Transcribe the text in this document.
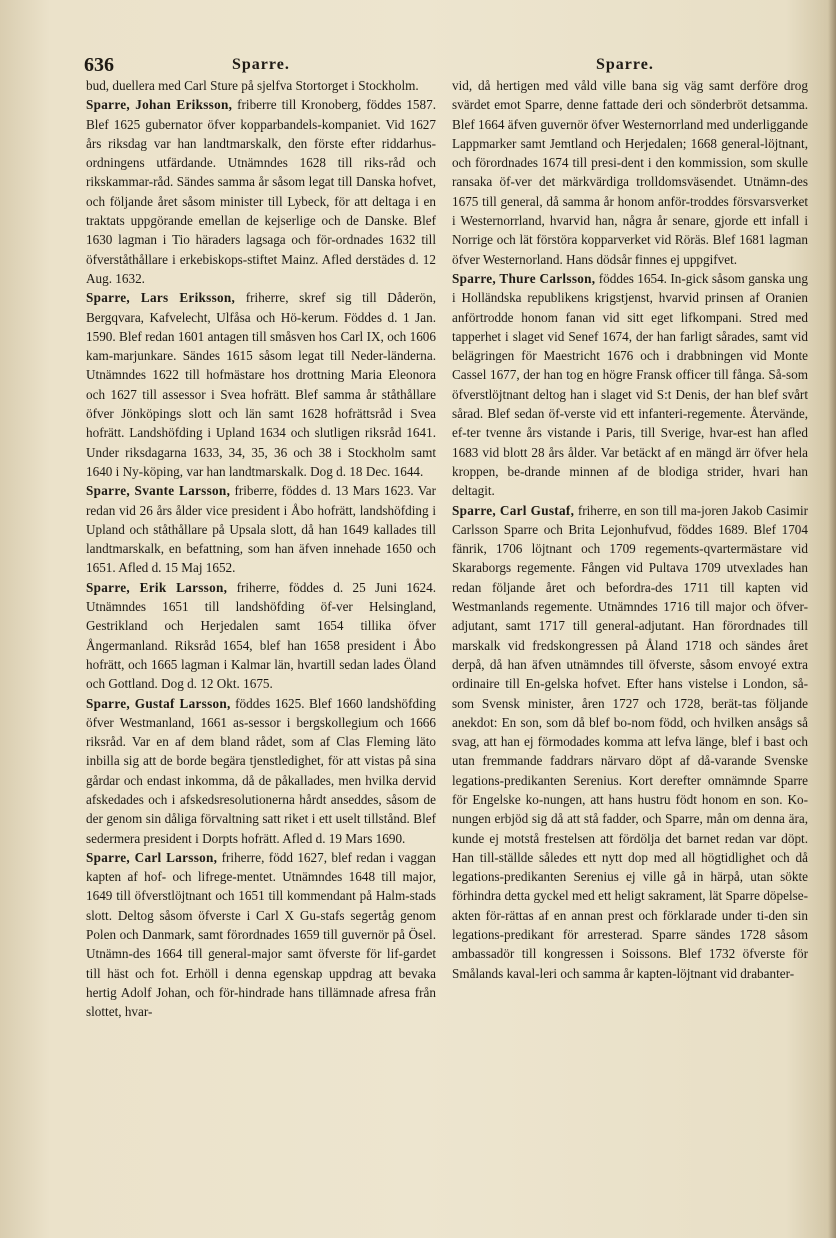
636	Sparre.	Sparre.

bud, duellera med Carl Sture på sjelfva Stortorget i Stockholm.

Sparre, Johan Eriksson, friberre till Kronoberg, föddes 1587. Blef 1625 gubernator öfver kopparbandels-kompaniet. Vid 1627 års riksdag var han landtmarskalk, den förste efter riddarhus-ordningens utfärdande. Utnämndes 1628 till riks-råd och rikskammar-råd. Sändes samma år såsom legat till Danska hofvet, och följande året såsom minister till Lybeck, för att deltaga i en traktats uppgörande emellan de kejserlige och de Danske. Blef 1630 lagman i Tio häraders lagsaga och för-ordnades 1632 till öfverståthållare i erkebiskops-stiftet Mainz. Afled derstädes d. 12 Aug. 1632.

Sparre, Lars Eriksson, friherre, skref sig till Dåderön, Bergqvara, Kafvelecht, Ulfåsa och Hö-kerum. Föddes d. 1 Jan. 1590. Blef redan 1601 antagen till småsven hos Carl IX, och 1606 kam-marjunkare. Sändes 1615 såsom legat till Neder-länderna. Utnämndes 1622 till hofmästare hos drottning Maria Eleonora och 1627 till assessor i Svea hofrätt. Blef samma år ståthållare öfver Jönköpings slott och län samt 1628 hofrättsråd i Svea hofrätt. Landshöfding i Upland 1634 och slutligen riksråd 1641. Under riksdagarna 1633, 34, 35, 36 och 38 i Stockholm samt 1640 i Ny-köping, var han landtmarskalk. Dog d. 18 Dec. 1644.

Sparre, Svante Larsson, friberre, föddes d. 13 Mars 1623. Var redan vid 26 års ålder vice president i Åbo hofrätt, landshöfding i Upland och ståthållare på Upsala slott, då han 1649 kallades till landtmarskalk, en befattning, som han äfven innehade 1650 och 1651. Afled d. 15 Maj 1652.

Sparre, Erik Larsson, friherre, föddes d. 25 Juni 1624. Utnämndes 1651 till landshöfding öf-ver Helsingland, Gestrikland och Herjedalen samt 1654 tillika öfver Ångermanland. Riksråd 1654, blef han 1658 president i Åbo hofrätt, och 1665 lagman i Kalmar län, hvartill sedan lades Öland och Gottland. Dog d. 12 Okt. 1675.

Sparre, Gustaf Larsson, föddes 1625. Blef 1660 landshöfding öfver Westmanland, 1661 as-sessor i bergskollegium och 1666 riksråd. Var en af dem bland rådet, som af Clas Fleming läto inbilla sig att de borde begära tjenstledighet, för att vistas på sina gårdar och endast inkomma, då de påkallades, men hvilka dervid afskedades och i afskedsresolutionerna hårdt anseddes, såsom de der genom sin dåliga förvaltning satt riket i ett uselt tillstånd. Blef sedermera president i Dorpts hofrätt. Afled d. 19 Mars 1690.

Sparre, Carl Larsson, friherre, född 1627, blef redan i vaggan kapten af hof- och lifrege-mentet. Utnämndes 1648 till major, 1649 till öfverstlöjtnant och 1651 till kommendant på Halm-stads slott. Deltog såsom öfverste i Carl X Gu-stafs segertåg genom Polen och Danmark, samt förordnades 1659 till guvernör på Ösel. Utnämn-des 1664 till general-major samt öfverste för lif-gardet till häst och fot. Erhöll i denna egenskap uppdrag att bevaka hertig Adolf Johan, och för-hindrade hans tillämnade afresa från slottet, hvar-

vid, då hertigen med våld ville bana sig väg samt derföre drog svärdet emot Sparre, denne fattade deri och sönderbröt detsamma. Blef 1664 äfven guvernör öfver Westernorrland med underliggande Lappmarker samt Jemtland och Herjedalen; 1668 general-löjtnant, och förordnades 1674 till presi-dent i den kommission, som skulle ransaka öf-ver det märkvärdiga trolldomsväsendet. Utnämn-des 1675 till general, då samma år honom anför-troddes försvarsverket i Westernorrland, hvarvid han, några år senare, gjorde ett infall i Norrige och lät förstöra kopparverket vid Röräs. Blef 1681 lagman öfver Westernorland. Hans dödsår finnes ej uppgifvet.

Sparre, Thure Carlsson, föddes 1654. In-gick såsom ganska ung i Holländska republikens krigstjenst, hvarvid prinsen af Oranien anförtrodde honom fanan vid sitt eget lifkompani. Stred med tapperhet i slaget vid Senef 1674, der han farligt sårades, samt vid belägringen för Maestricht 1676 och i drabbningen vid Monte Cassel 1677, der han tog en högre Fransk officer till fånga. Så-som öfverstlöjtnant deltog han i slaget vid S:t Denis, der han blef svårt sårad. Blef sedan öf-verste vid ett infanteri-regemente. Återvände, ef-ter tvenne års vistande i Paris, till Sverige, hvar-est han afled 1683 vid blott 28 års ålder. Var betäckt af en mängd ärr öfver hela kroppen, be-drande minnen af de blodiga strider, hvari han deltagit.

Sparre, Carl Gustaf, friherre, en son till ma-joren Jakob Casimir Carlsson Sparre och Brita Lejonhufvud, föddes 1689. Blef 1704 fänrik, 1706 löjtnant och 1709 regements-qvartermästare vid Skaraborgs regemente. Fången vid Pultava 1709 utvexlades han redan följande året och befordra-des 1711 till kapten vid Westmanlands regemente. Utnämndes 1716 till major och öfver-adjutant, samt 1717 till general-adjutant. Han förordnades till marskalk vid fredskongressen på Åland 1718 och sändes året derpå, då han äfven utnämndes till öfverste, såsom envoyé extra ordinaire till En-gelska hofvet. Efter hans vistelse i London, så-som Svensk minister, åren 1727 och 1728, berät-tas följande anekdot: En son, som då blef bo-nom född, och hvilken ansågs så svag, att han ej förmodades komma att lefva länge, blef i bast och utan fremmande faddrars närvaro döpt af då-varande Svenske legations-predikanten Serenius. Kort derefter omnämnde Sparre för Engelske ko-nungen, att hans hustru födt honom en son. Ko-nungen erbjöd sig då att stå fadder, och Sparre, mån om denna ära, kunde ej motstå frestelsen att fördölja det barnet redan var döpt. Han till-ställde således ett nytt dop med all högtidlighet och då legations-predikanten Serenius ej ville gå in härpå, utan sökte förhindra detta gyckel med ett heligt sakrament, lät Sparre döpelse-akten för-rättas af en annan prest och förklarade under ti-den sin legations-predikant för arresterad. Sparre sändes 1728 såsom ambassadör till kongressen i Soissons. Blef 1732 öfverste för Smålands kaval-leri och samma år kapten-löjtnant vid drabanter-
